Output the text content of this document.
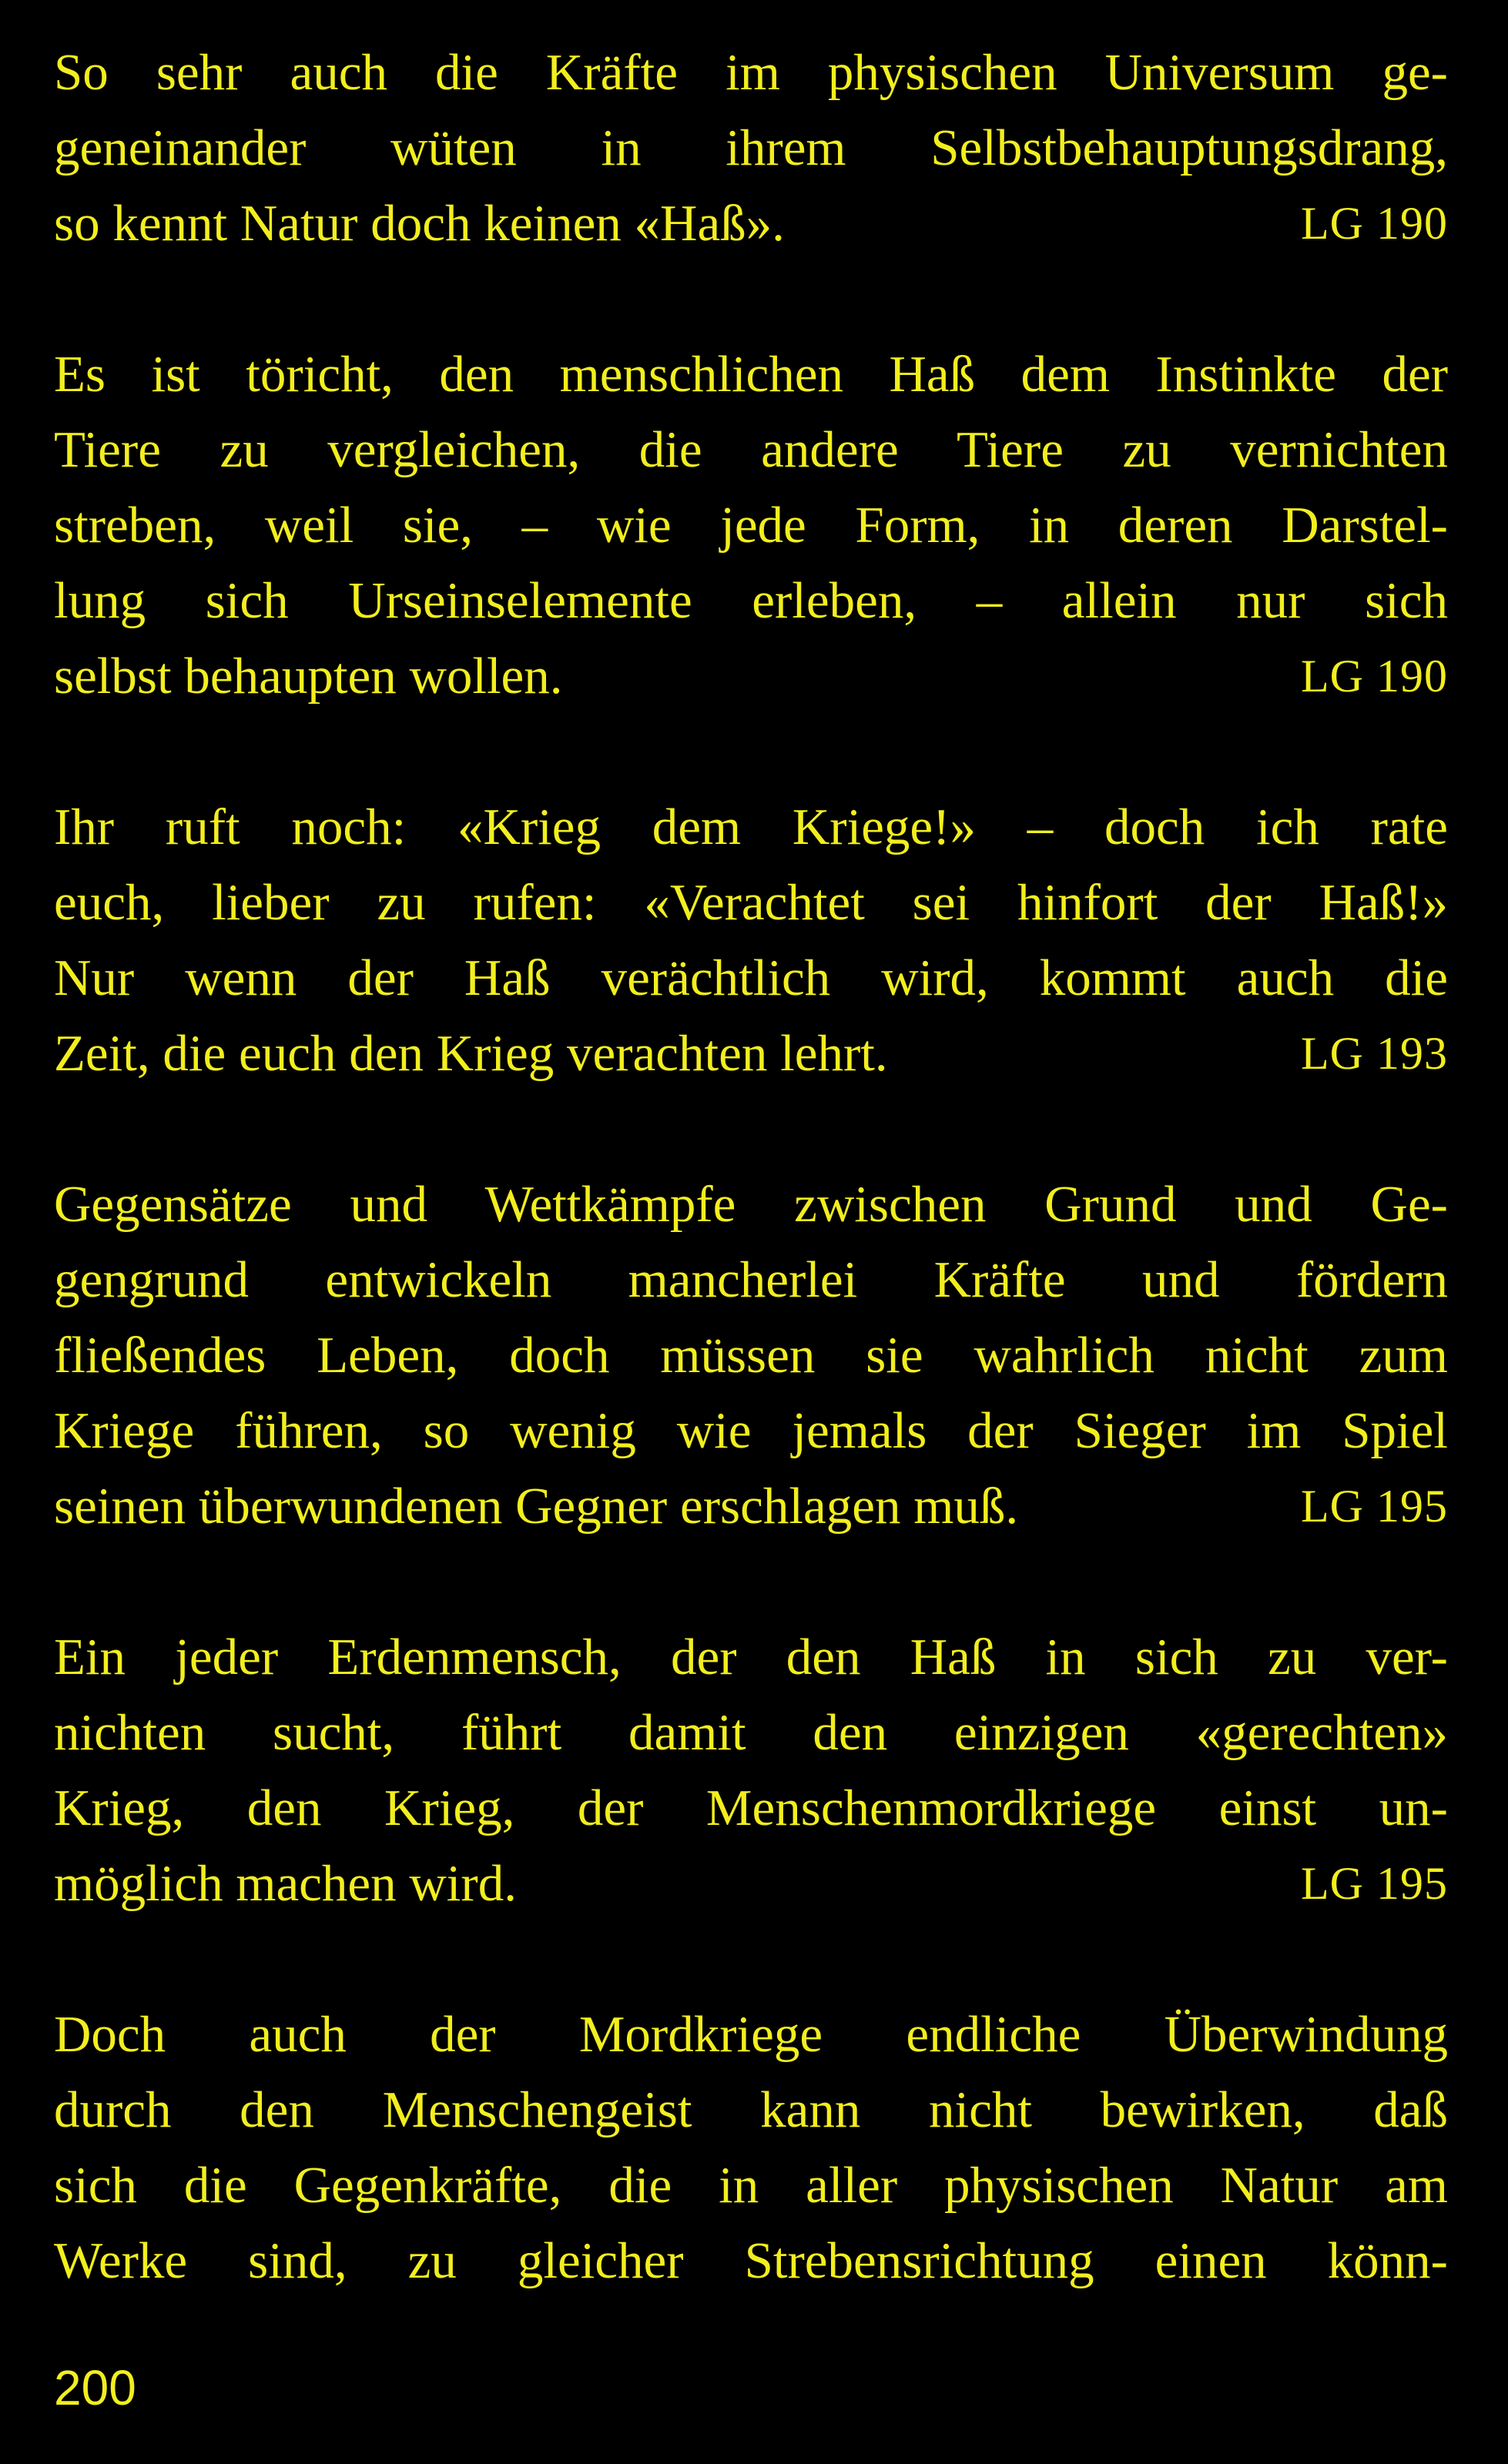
So sehr auch die Kräfte im physischen Universum ge-
geneinander wüten in ihrem Selbstbehauptungsdrang,
so kennt Natur doch keinen «Haß».	LG 190
Es ist töricht, den menschlichen Haß dem Instinkte der
Tiere zu vergleichen, die andere Tiere zu vernichten
streben, weil sie, – wie jede Form, in deren Darstel-
lung sich Urseinselemente erleben, – allein nur sich
selbst behaupten wollen.	LG 190
Ihr ruft noch: «Krieg dem Kriege!» – doch ich rate
euch, lieber zu rufen: «Verachtet sei hinfort der Haß!»
Nur wenn der Haß verächtlich wird, kommt auch die
Zeit, die euch den Krieg verachten lehrt.	LG 193
Gegensätze und Wettkämpfe zwischen Grund und Ge-
gengrund entwickeln mancherlei Kräfte und fördern
fließendes Leben, doch müssen sie wahrlich nicht zum
Kriege führen, so wenig wie jemals der Sieger im Spiel
seinen überwundenen Gegner erschlagen muß.	LG 195
Ein jeder Erdenmensch, der den Haß in sich zu ver-
nichten sucht, führt damit den einzigen «gerechten»
Krieg, den Krieg, der Menschenmordkriege einst un-
möglich machen wird.	LG 195
Doch auch der Mordkriege endliche Überwindung
durch den Menschengeist kann nicht bewirken, daß
sich die Gegenkräfte, die in aller physischen Natur am
Werke sind, zu gleicher Strebensrichtung einen könn-
200
